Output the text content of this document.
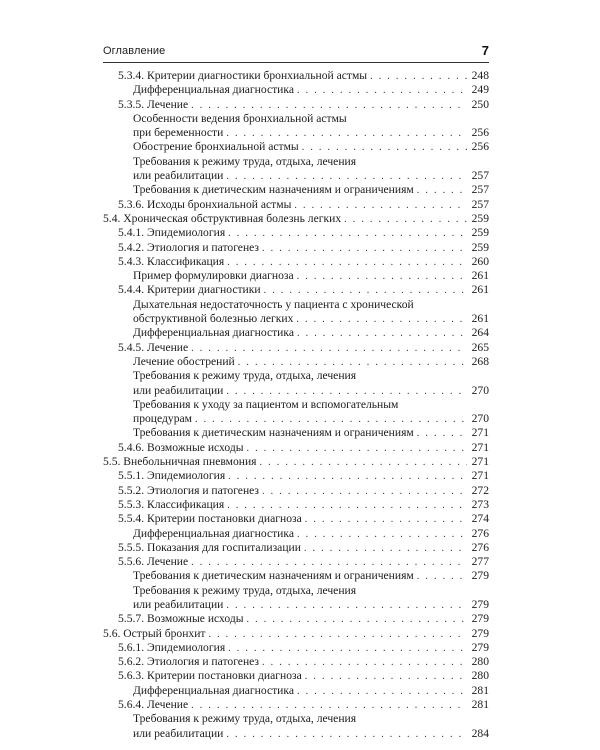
Оглавление	7
5.3.4. Критерии диагностики бронхиальной астмы . . .	248
Дифференциальная диагностика . . .	249
5.3.5. Лечение . . .	250
Особенности ведения бронхиальной астмы
при беременности . . .	256
Обострение бронхиальной астмы . . .	256
Требования к режиму труда, отдыха, лечения
или реабилитации . . .	257
Требования к диетическим назначениям и ограничениям . . .	257
5.3.6. Исходы бронхиальной астмы . . .	257
5.4. Хроническая обструктивная болезнь легких . . .	259
5.4.1. Эпидемиология . . .	259
5.4.2. Этиология и патогенез . . .	259
5.4.3. Классификация . . .	260
Пример формулировки диагноза . . .	261
5.4.4. Критерии диагностики . . .	261
Дыхательная недостаточность у пациента с хронической
обструктивной болезнью легких . . .	261
Дифференциальная диагностика . . .	264
5.4.5. Лечение . . .	265
Лечение обострений . . .	268
Требования к режиму труда, отдыха, лечения
или реабилитации . . .	270
Требования к уходу за пациентом и вспомогательным
процедурам . . .	270
Требования к диетическим назначениям и ограничениям . . .	271
5.4.6. Возможные исходы . . .	271
5.5. Внебольничная пневмония . . .	271
5.5.1. Эпидемиология . . .	271
5.5.2. Этиология и патогенез . . .	272
5.5.3. Классификация . . .	273
5.5.4. Критерии постановки диагноза . . .	274
Дифференциальная диагностика . . .	276
5.5.5. Показания для госпитализации . . .	276
5.5.6. Лечение . . .	277
Требования к диетическим назначениям и ограничениям . . .	279
Требования к режиму труда, отдыха, лечения
или реабилитации . . .	279
5.5.7. Возможные исходы . . .	279
5.6. Острый бронхит . . .	279
5.6.1. Эпидемиология . . .	279
5.6.2. Этиология и патогенез . . .	280
5.6.3. Критерии постановки диагноза . . .	280
Дифференциальная диагностика . . .	281
5.6.4. Лечение . . .	281
Требования к режиму труда, отдыха, лечения
или реабилитации . . .	284
